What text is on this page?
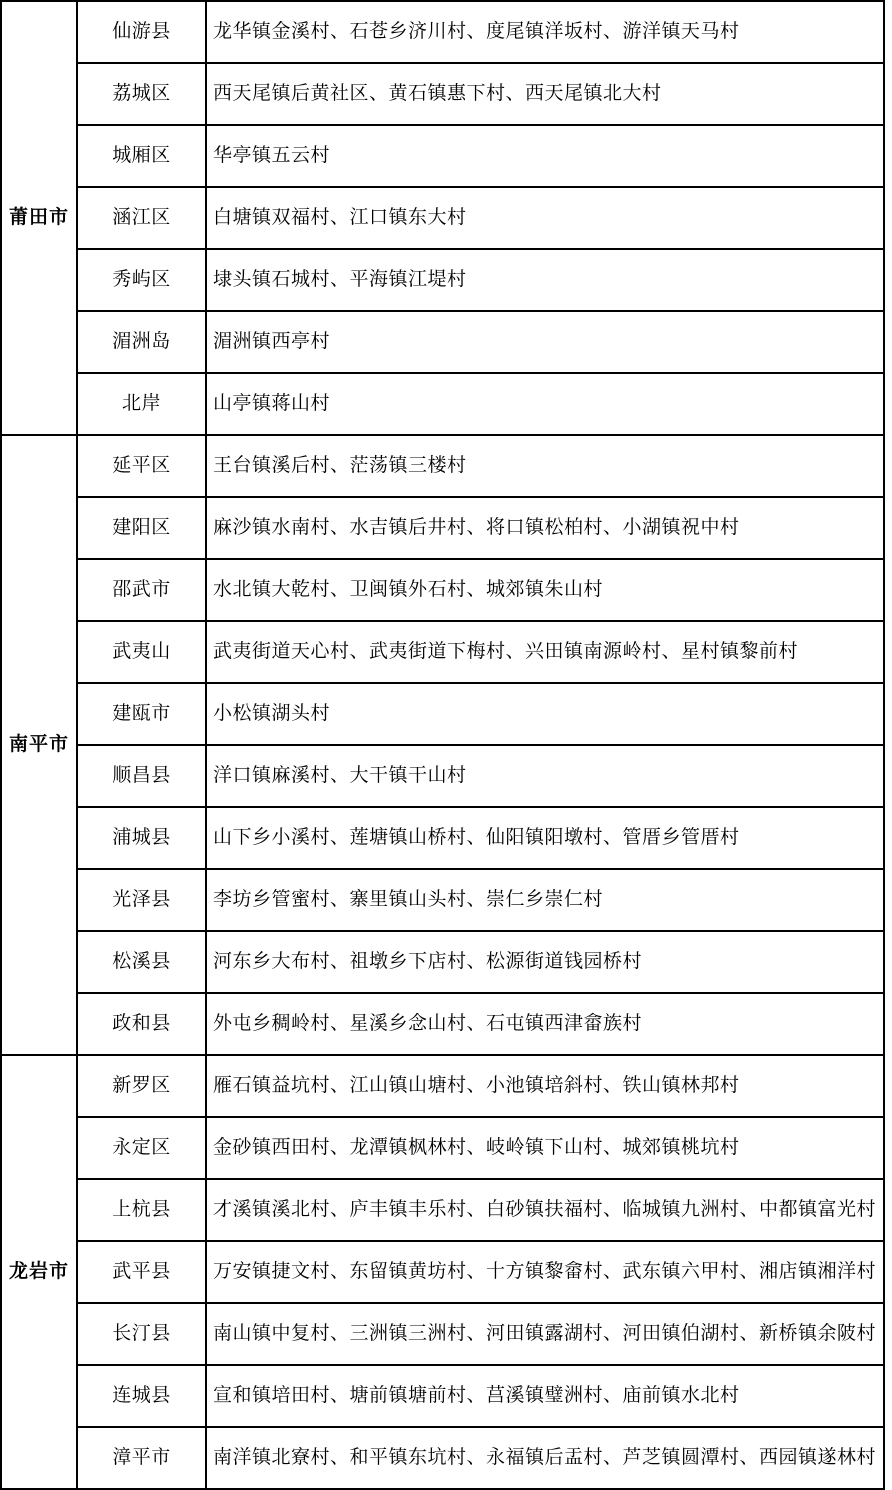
莆田市	仙游县	龙华镇金溪村、石苍乡济川村、度尾镇洋坂村、游洋镇天马村
	荔城区	西天尾镇后黄社区、黄石镇惠下村、西天尾镇北大村
	城厢区	华亭镇五云村
	涵江区	白塘镇双福村、江口镇东大村
	秀屿区	埭头镇石城村、平海镇江堤村
	湄洲岛	湄洲镇西亭村
	北岸	山亭镇蒋山村
南平市	延平区	王台镇溪后村、茫荡镇三楼村
	建阳区	麻沙镇水南村、水吉镇后井村、将口镇松柏村、小湖镇祝中村
	邵武市	水北镇大乾村、卫闽镇外石村、城郊镇朱山村
	武夷山	武夷街道天心村、武夷街道下梅村、兴田镇南源岭村、星村镇黎前村
	建瓯市	小松镇湖头村
	顺昌县	洋口镇麻溪村、大干镇干山村
	浦城县	山下乡小溪村、莲塘镇山桥村、仙阳镇阳墩村、管厝乡管厝村
	光泽县	李坊乡管蜜村、寨里镇山头村、崇仁乡崇仁村
	松溪县	河东乡大布村、祖墩乡下店村、松源街道钱园桥村
	政和县	外屯乡稠岭村、星溪乡念山村、石屯镇西津畲族村
龙岩市	新罗区	雁石镇益坑村、江山镇山塘村、小池镇培斜村、铁山镇林邦村
	永定区	金砂镇西田村、龙潭镇枫林村、岐岭镇下山村、城郊镇桃坑村
	上杭县	才溪镇溪北村、庐丰镇丰乐村、白砂镇扶福村、临城镇九洲村、中都镇富光村
	武平县	万安镇捷文村、东留镇黄坊村、十方镇黎畲村、武东镇六甲村、湘店镇湘洋村
	长汀县	南山镇中复村、三洲镇三洲村、河田镇露湖村、河田镇伯湖村、新桥镇余陂村
	连城县	宣和镇培田村、塘前镇塘前村、莒溪镇璧洲村、庙前镇水北村
	漳平市	南洋镇北寮村、和平镇东坑村、永福镇后盂村、芦芝镇圆潭村、西园镇遂林村
